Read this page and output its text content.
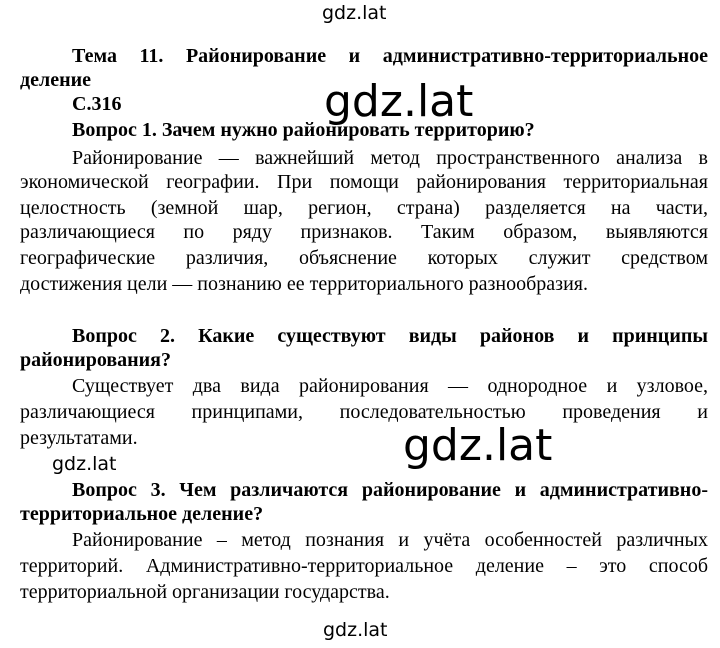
gdz.lat
gdz.lat
gdz.lat	gdz.lat
gdz.lat
Тема 11. Районирование и административно-территориальное
деление
С.316
Вопрос 1. Зачем нужно районировать территорию?
Районирование — важнейший метод пространственного анализа в
экономической географии. При помощи районирования территориальная
целостность (земной шар, регион, страна) разделяется на части,
различающиеся по ряду признаков. Таким образом, выявляются
географические различия, объяснение которых служит средством
достижения цели — познанию ее территориального разнообразия.
Вопрос 2. Какие существуют виды районов и принципы
районирования?
Существует два вида районирования — однородное и узловое,
различающиеся принципами, последовательностью проведения и
результатами.
Вопрос 3. Чем различаются районирование и административно-
территориальное деление?
Районирование – метод познания и учёта особенностей различных
территорий. Административно-территориальное деление – это способ
территориальной организации государства.
